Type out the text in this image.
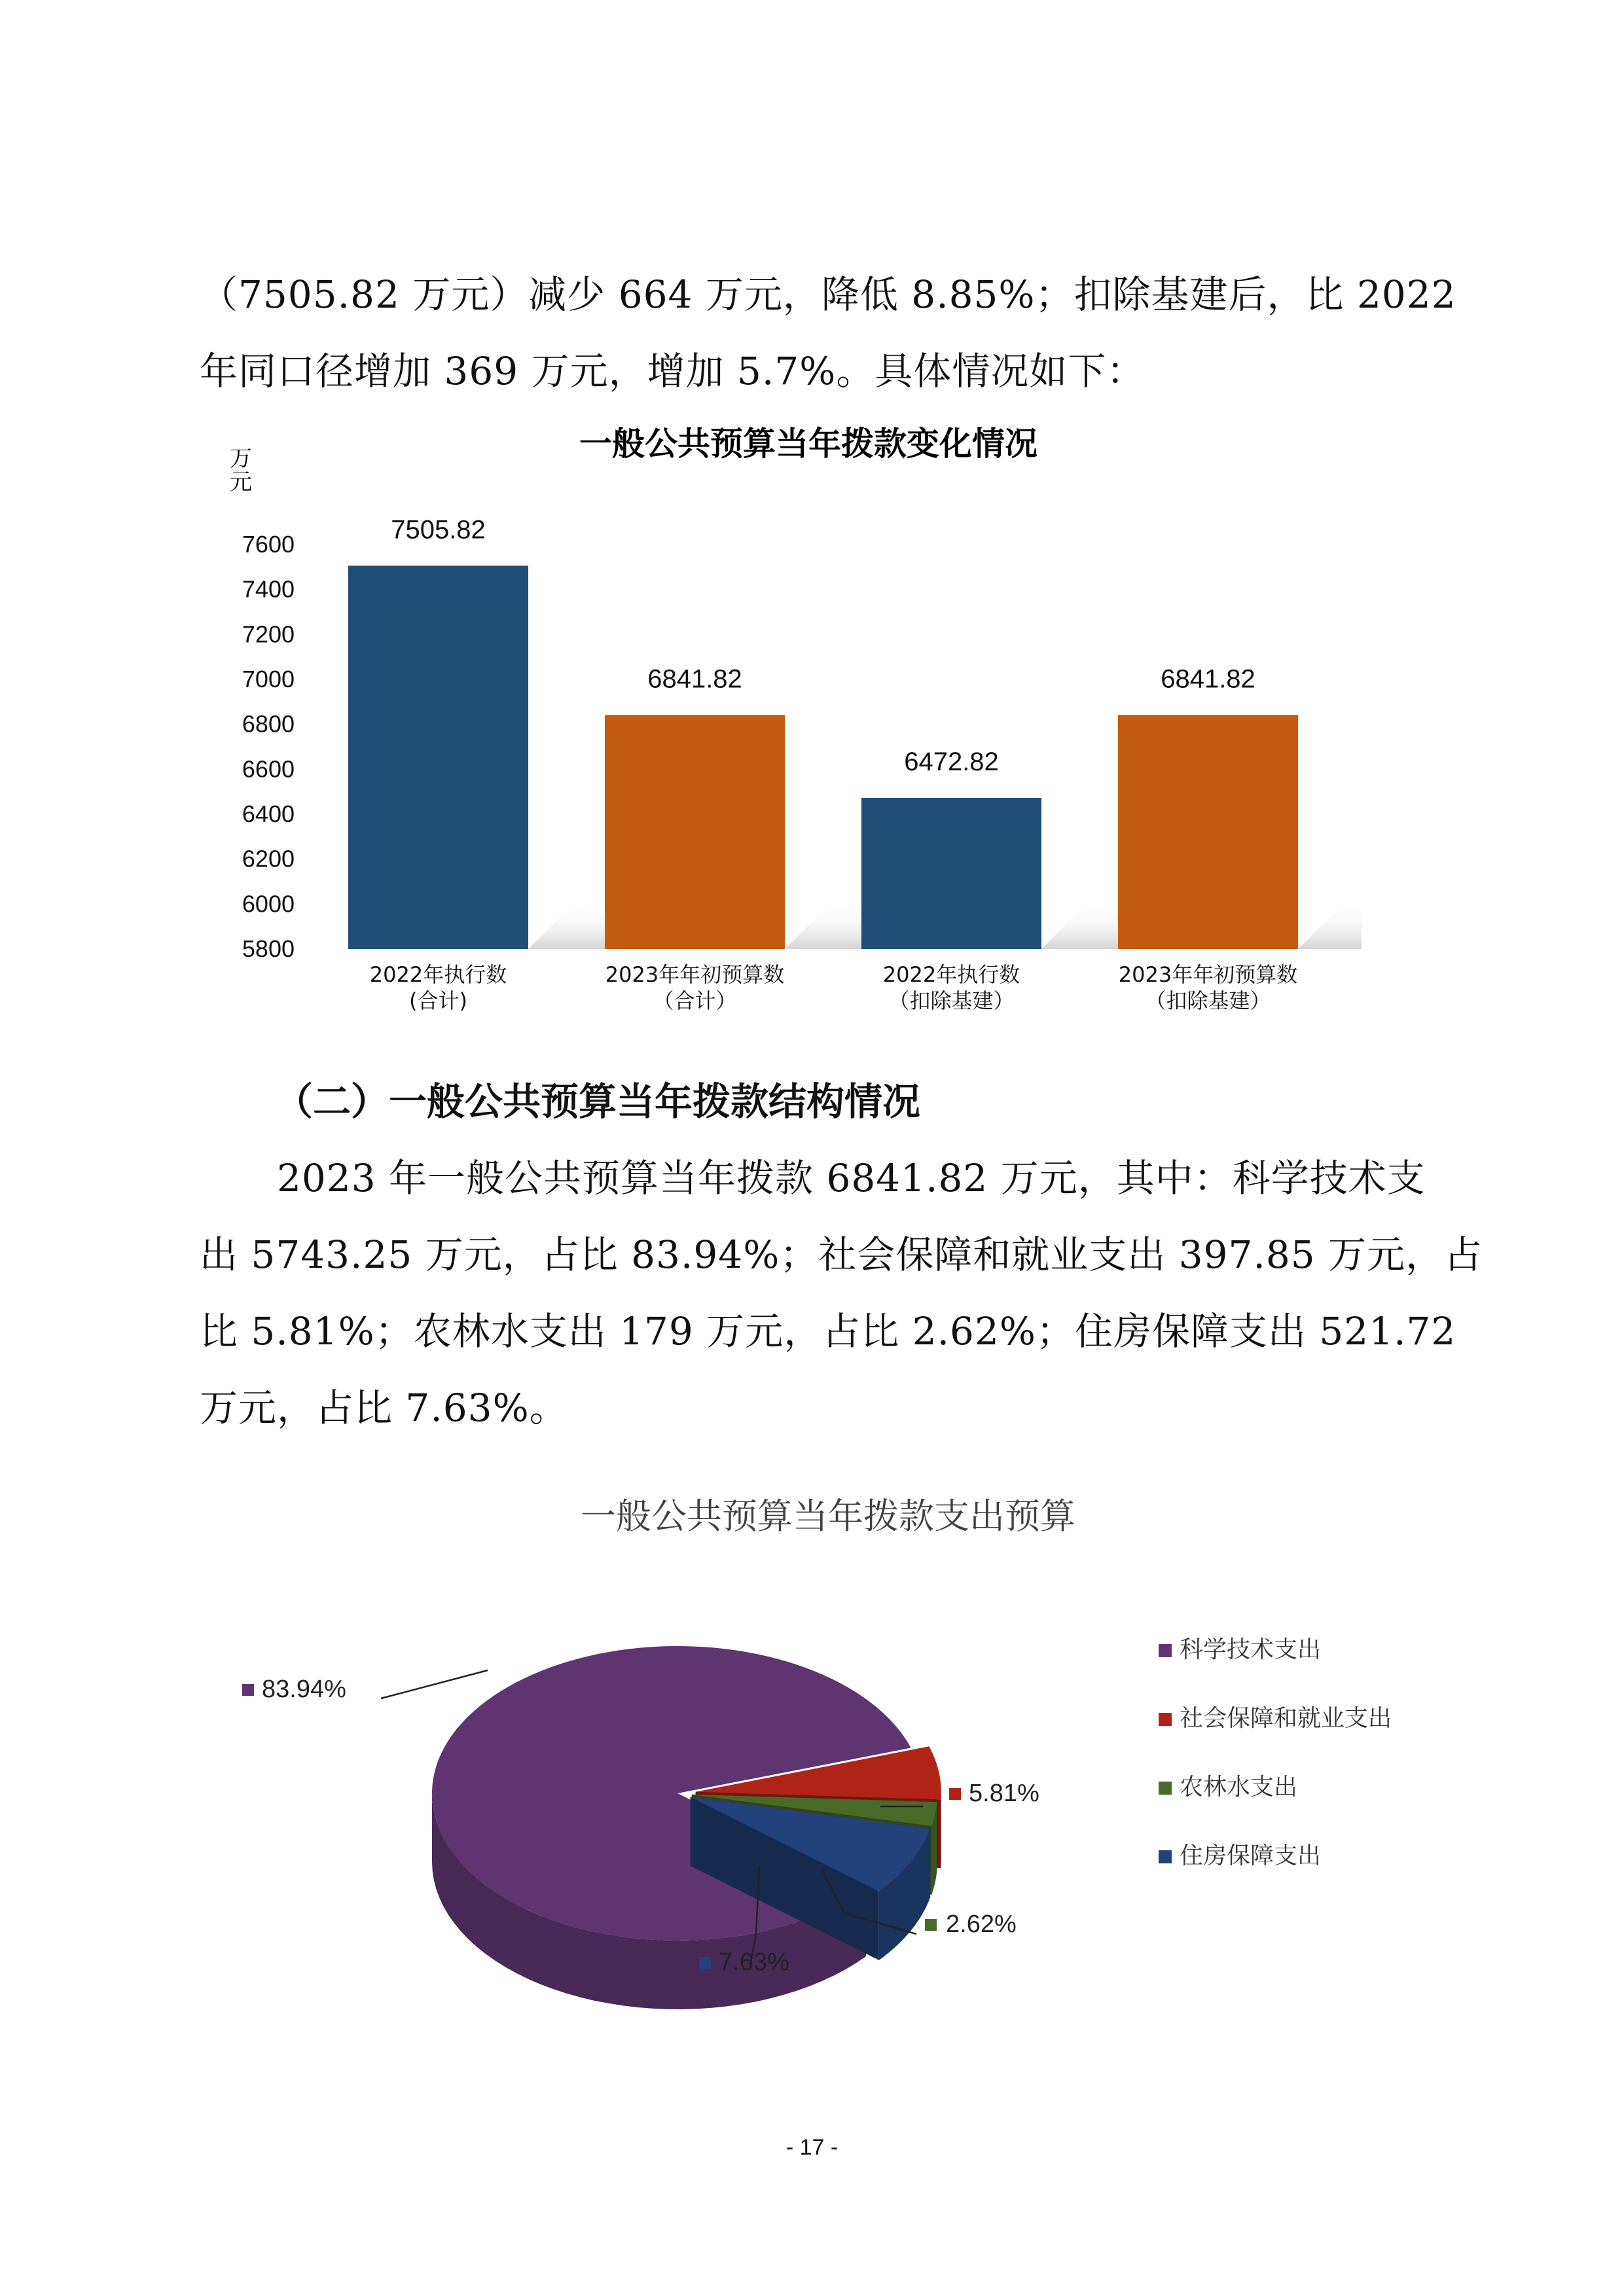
（7505.82 万元）减少 664 万元，降低 8.85%；扣除基建后，比 2022

年同口径增加 369 万元，增加 5.7%。具体情况如下：

一般公共预算当年拨款变化情况
万
元
7600
7400
7200
7000
6800
6600
6400
6200
6000
5800
7505.82
6841.82
6472.82
6841.82
2022年执行数
(合计)
2023年年初预算数
（合计）
2022年执行数
（扣除基建）
2023年年初预算数
（扣除基建）
（二）一般公共预算当年拨款结构情况

2023 年一般公共预算当年拨款 6841.82 万元，其中：科学技术支

出 5743.25 万元，占比 83.94%；社会保障和就业支出 397.85 万元，占

比 5.81%；农林水支出 179 万元，占比 2.62%；住房保障支出 521.72

万元，占比 7.63%。

一般公共预算当年拨款支出预算
83.94%
5.81%
2.62%
7.63%
科学技术支出
社会保障和就业支出
农林水支出
住房保障支出
- 17 -
